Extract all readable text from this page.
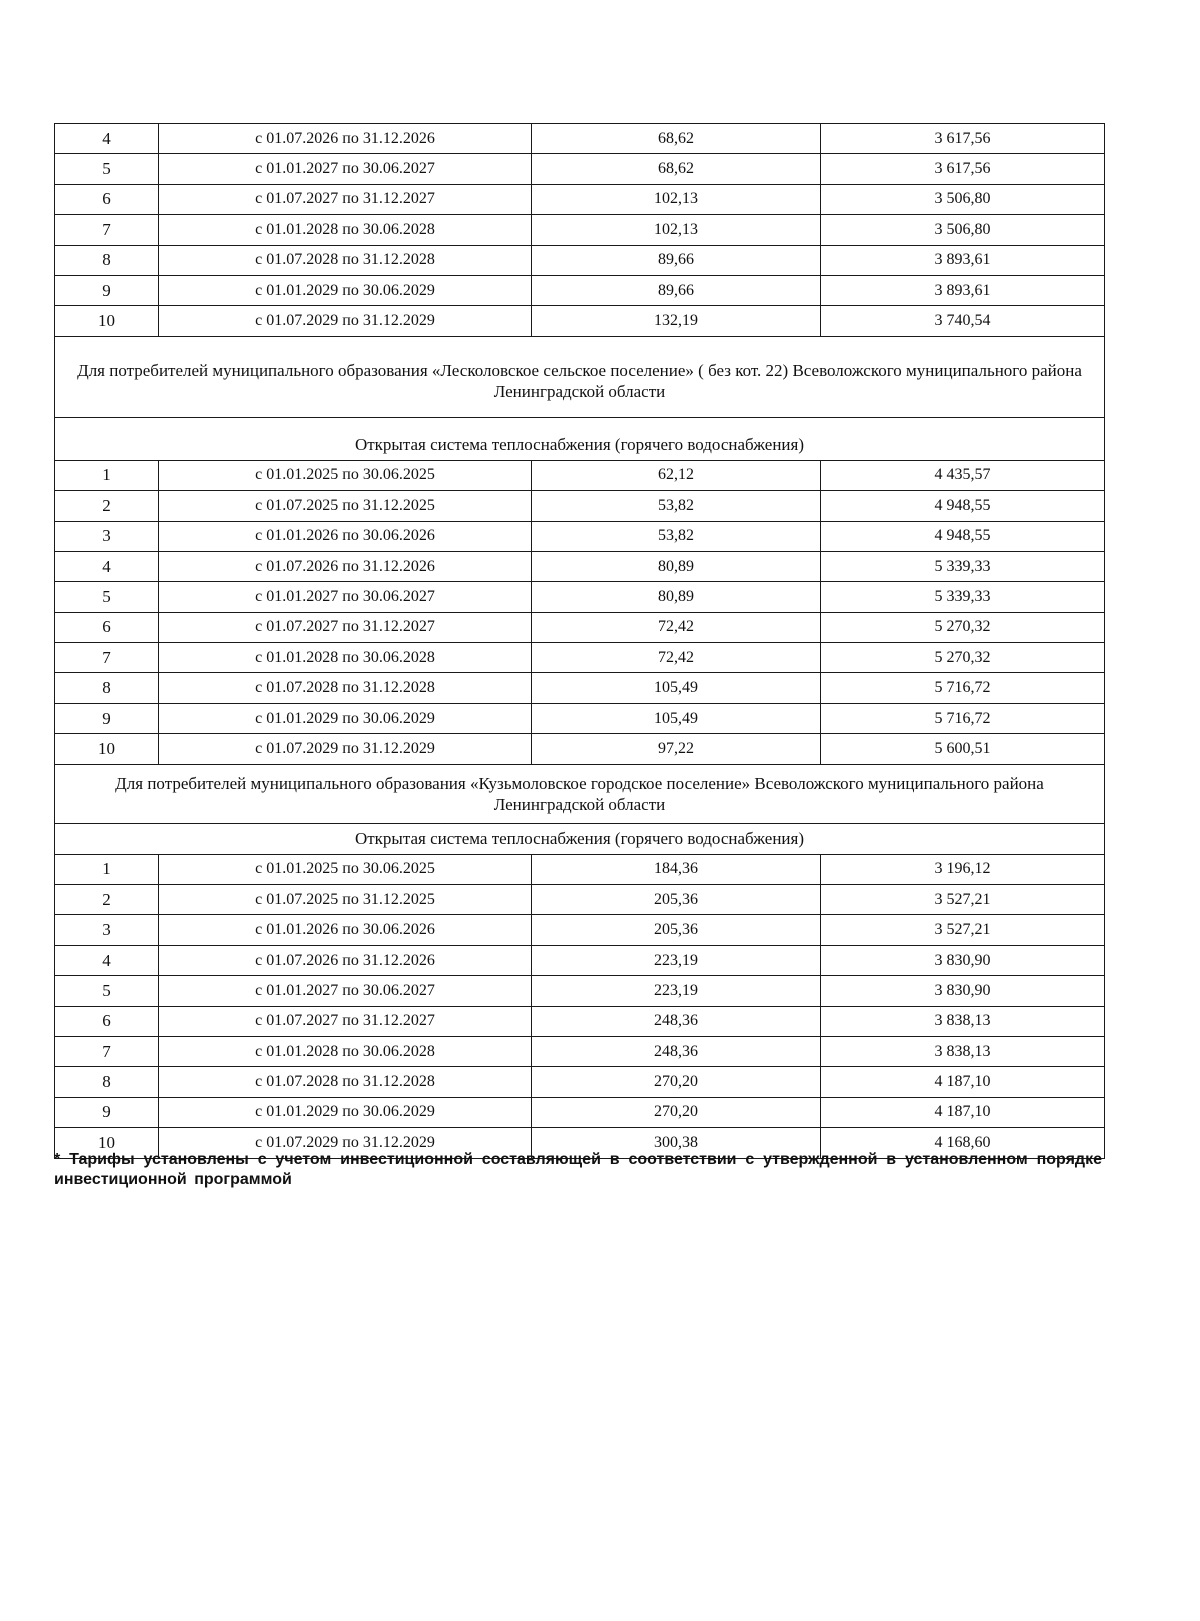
4	с 01.07.2026 по 31.12.2026	68,62	3 617,56
5	с 01.01.2027 по 30.06.2027	68,62	3 617,56
6	с 01.07.2027 по 31.12.2027	102,13	3 506,80
7	с 01.01.2028 по 30.06.2028	102,13	3 506,80
8	с 01.07.2028 по 31.12.2028	89,66	3 893,61
9	с 01.01.2029 по 30.06.2029	89,66	3 893,61
10	с 01.07.2029 по 31.12.2029	132,19	3 740,54
Для потребителей муниципального образования «Лесколовское сельское поселение» ( без кот. 22) Всеволожского муниципального района Ленинградской области			
Открытая система теплоснабжения (горячего водоснабжения)			
1	с 01.01.2025 по 30.06.2025	62,12	4 435,57
2	с 01.07.2025 по 31.12.2025	53,82	4 948,55
3	с 01.01.2026 по 30.06.2026	53,82	4 948,55
4	с 01.07.2026 по 31.12.2026	80,89	5 339,33
5	с 01.01.2027 по 30.06.2027	80,89	5 339,33
6	с 01.07.2027 по 31.12.2027	72,42	5 270,32
7	с 01.01.2028 по 30.06.2028	72,42	5 270,32
8	с 01.07.2028 по 31.12.2028	105,49	5 716,72
9	с 01.01.2029 по 30.06.2029	105,49	5 716,72
10	с 01.07.2029 по 31.12.2029	97,22	5 600,51
Для потребителей муниципального образования «Кузьмоловское городское поселение» Всеволожского муниципального района Ленинградской области			
Открытая система теплоснабжения (горячего водоснабжения)			
1	с 01.01.2025 по 30.06.2025	184,36	3 196,12
2	с 01.07.2025 по 31.12.2025	205,36	3 527,21
3	с 01.01.2026 по 30.06.2026	205,36	3 527,21
4	с 01.07.2026 по 31.12.2026	223,19	3 830,90
5	с 01.01.2027 по 30.06.2027	223,19	3 830,90
6	с 01.07.2027 по 31.12.2027	248,36	3 838,13
7	с 01.01.2028 по 30.06.2028	248,36	3 838,13
8	с 01.07.2028 по 31.12.2028	270,20	4 187,10
9	с 01.01.2029 по 30.06.2029	270,20	4 187,10
10	с 01.07.2029 по 31.12.2029	300,38	4 168,60
* Тарифы установлены с учетом инвестиционной составляющей в соответствии с утвержденной в установленном порядке инвестиционной программой
